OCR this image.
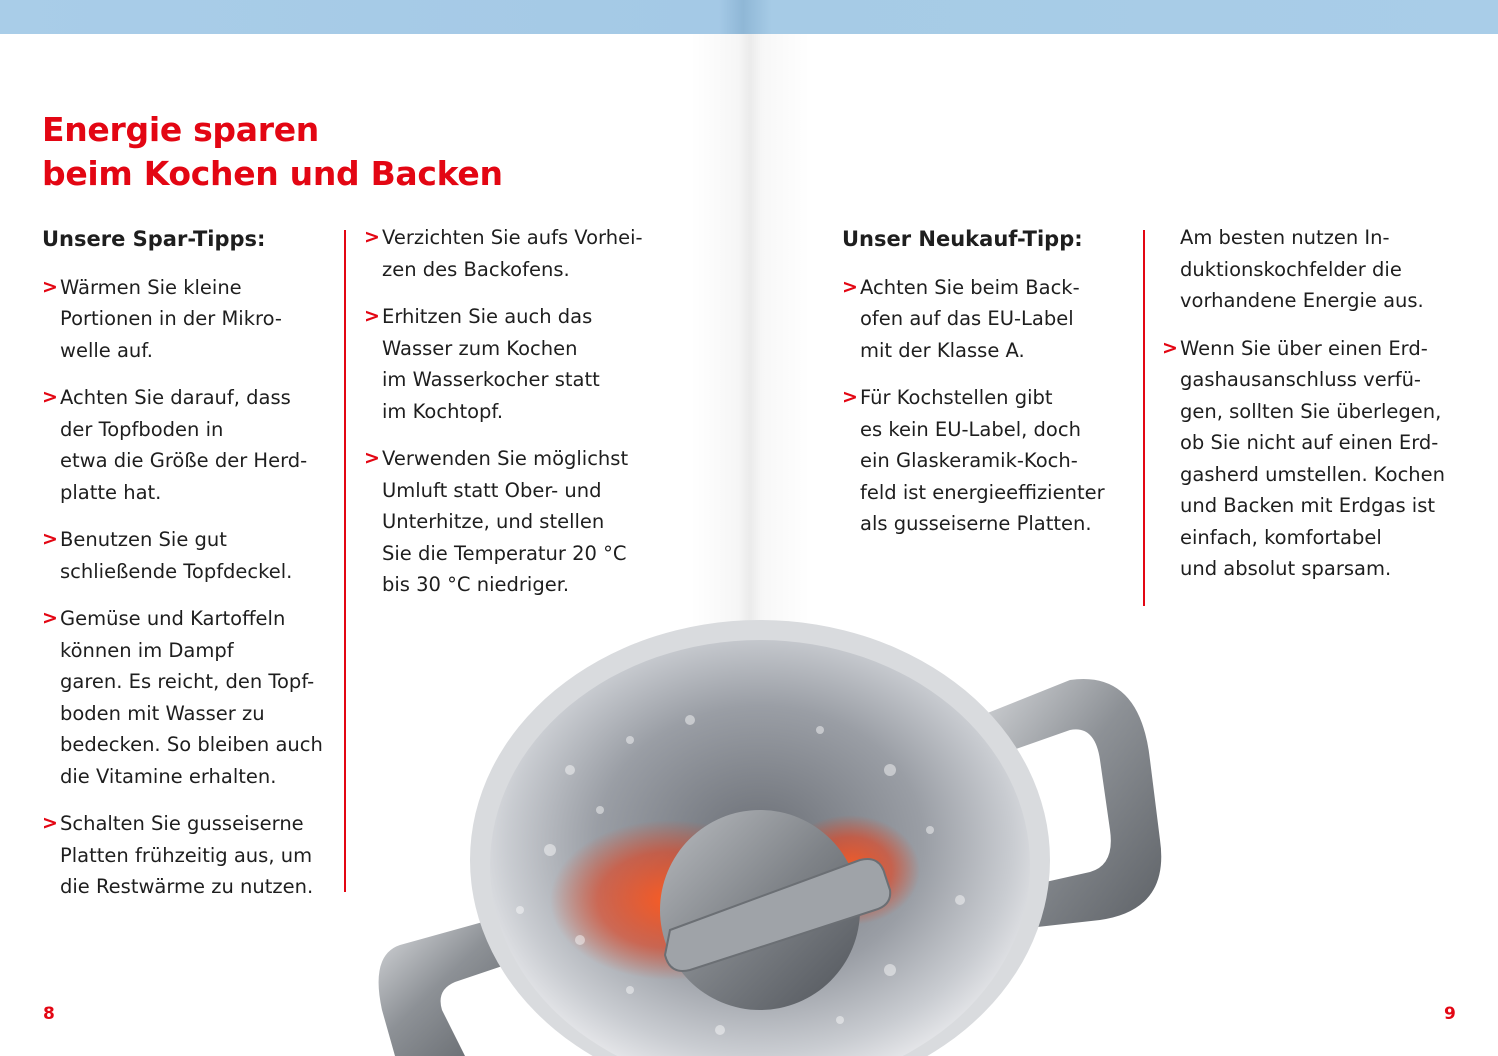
Energie sparen
beim Kochen und Backen
Unsere Spar-Tipps:
> Wärmen Sie kleine
Portionen in der Mikro-
welle auf.
> Achten Sie darauf, dass
der Topfboden in
etwa die Größe der Herd-
platte hat.
> Benutzen Sie gut
schließende Topfdeckel.
> Gemüse und Kartoffeln
können im Dampf
garen. Es reicht, den Topf-
boden mit Wasser zu
bedecken. So bleiben auch
die Vitamine erhalten.
> Schalten Sie gusseiserne
Platten frühzeitig aus, um
die Restwärme zu nutzen.
> Verzichten Sie aufs Vorhei-
zen des Backofens.
> Erhitzen Sie auch das
Wasser zum Kochen
im Wasserkocher statt
im Kochtopf.
> Verwenden Sie möglichst
Umluft statt Ober- und
Unterhitze, und stellen
Sie die Temperatur 20 °C
bis 30 °C niedriger.
Unser Neukauf-Tipp:
> Achten Sie beim Back-
ofen auf das EU-Label
mit der Klasse A.
> Für Kochstellen gibt
es kein EU-Label, doch
ein Glaskeramik-Koch-
feld ist energieeffizienter
als gusseiserne Platten.
Am besten nutzen In- duktionskochfelder die vorhandene Energie aus.
> Wenn Sie über einen Erd-
gashausanschluss verfü-
gen, sollten Sie überlegen,
ob Sie nicht auf einen Erd-
gasherd umstellen. Kochen
und Backen mit Erdgas ist
einfach, komfortabel
und absolut sparsam.
8	9
